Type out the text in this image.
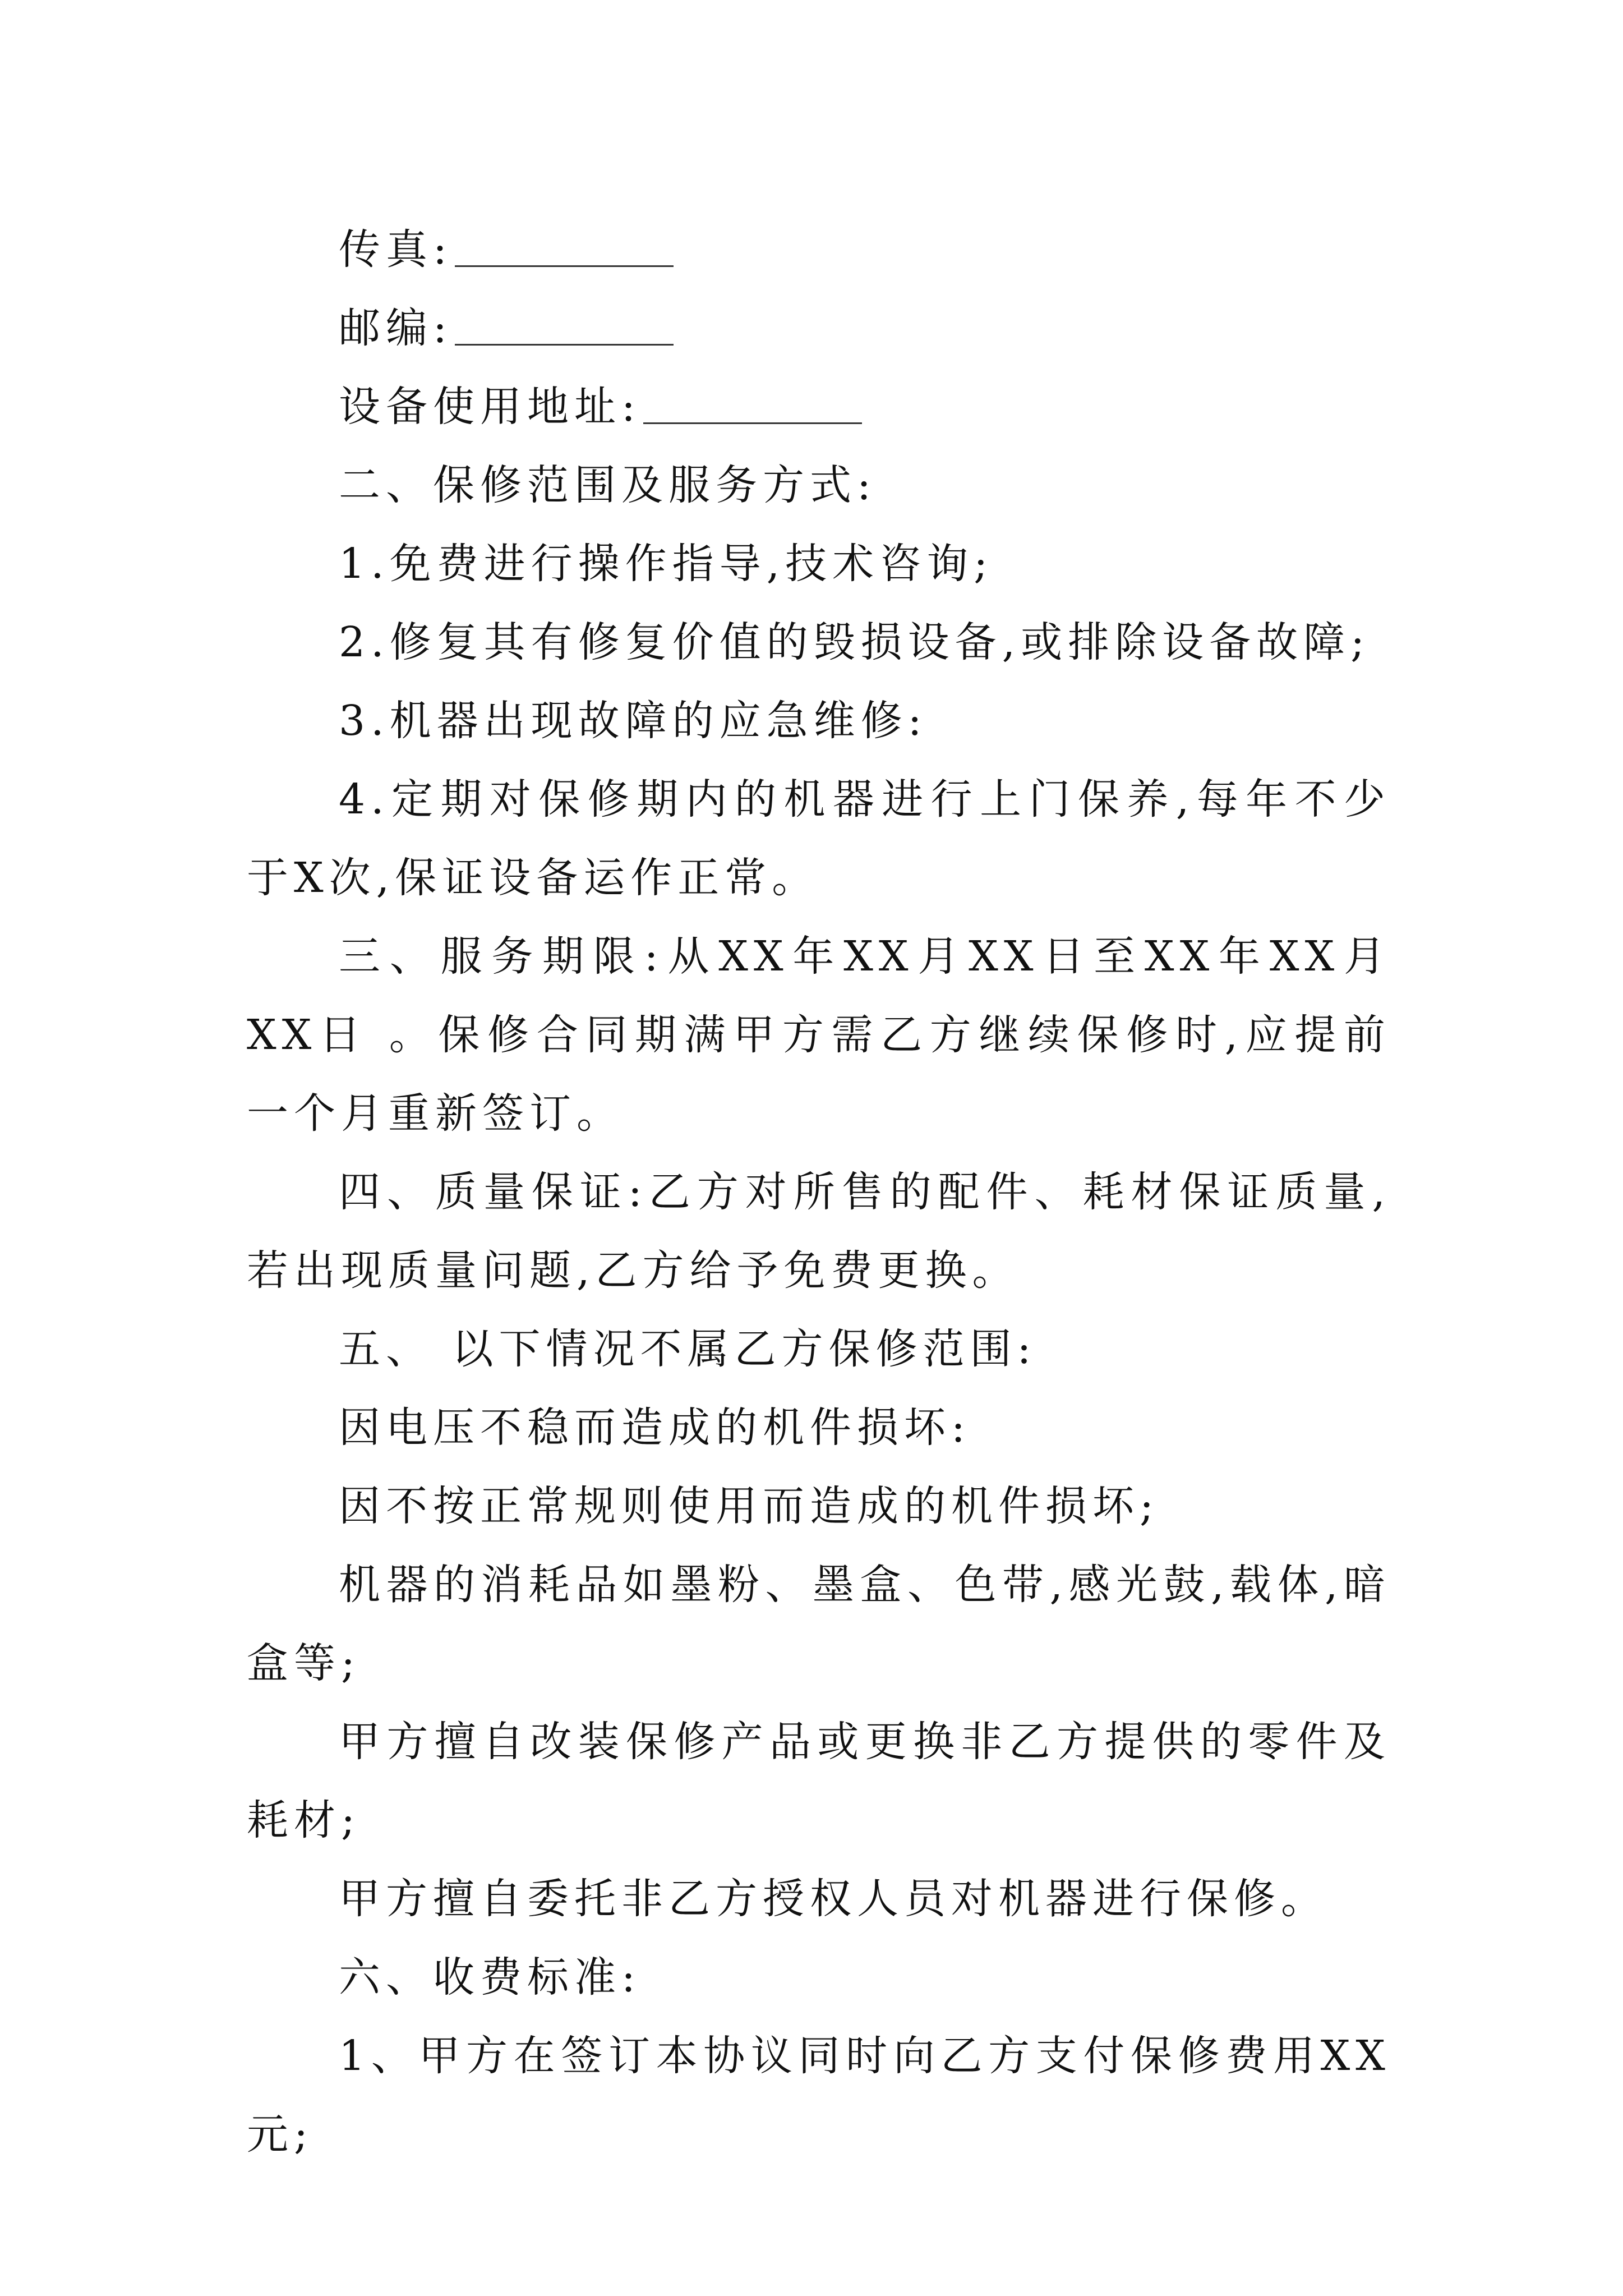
传真:

邮编:

设备使用地址:

二、保修范围及服务方式:

1.免费进行操作指导,技术咨询;

2.修复其有修复价值的毁损设备,或排除设备故障;

3.机器出现故障的应急维修:

4.定期对保修期内的机器进行上门保养,每年不少于X次,保证设备运作正常。

三、服务期限:从XX年XX月XX日至XX年XX月XX日 。保修合同期满甲方需乙方继续保修时,应提前一个月重新签订。

四、质量保证:乙方对所售的配件、耗材保证质量,若出现质量问题,乙方给予免费更换。

五、 以下情况不属乙方保修范围:

因电压不稳而造成的机件损坏:

因不按正常规则使用而造成的机件损坏;

机器的消耗品如墨粉、墨盒、色带,感光鼓,载体,暗盒等;

甲方擅自改装保修产品或更换非乙方提供的零件及耗材;

甲方擅自委托非乙方授权人员对机器进行保修。

六、收费标准:

1、甲方在签订本协议同时向乙方支付保修费用XX元;
